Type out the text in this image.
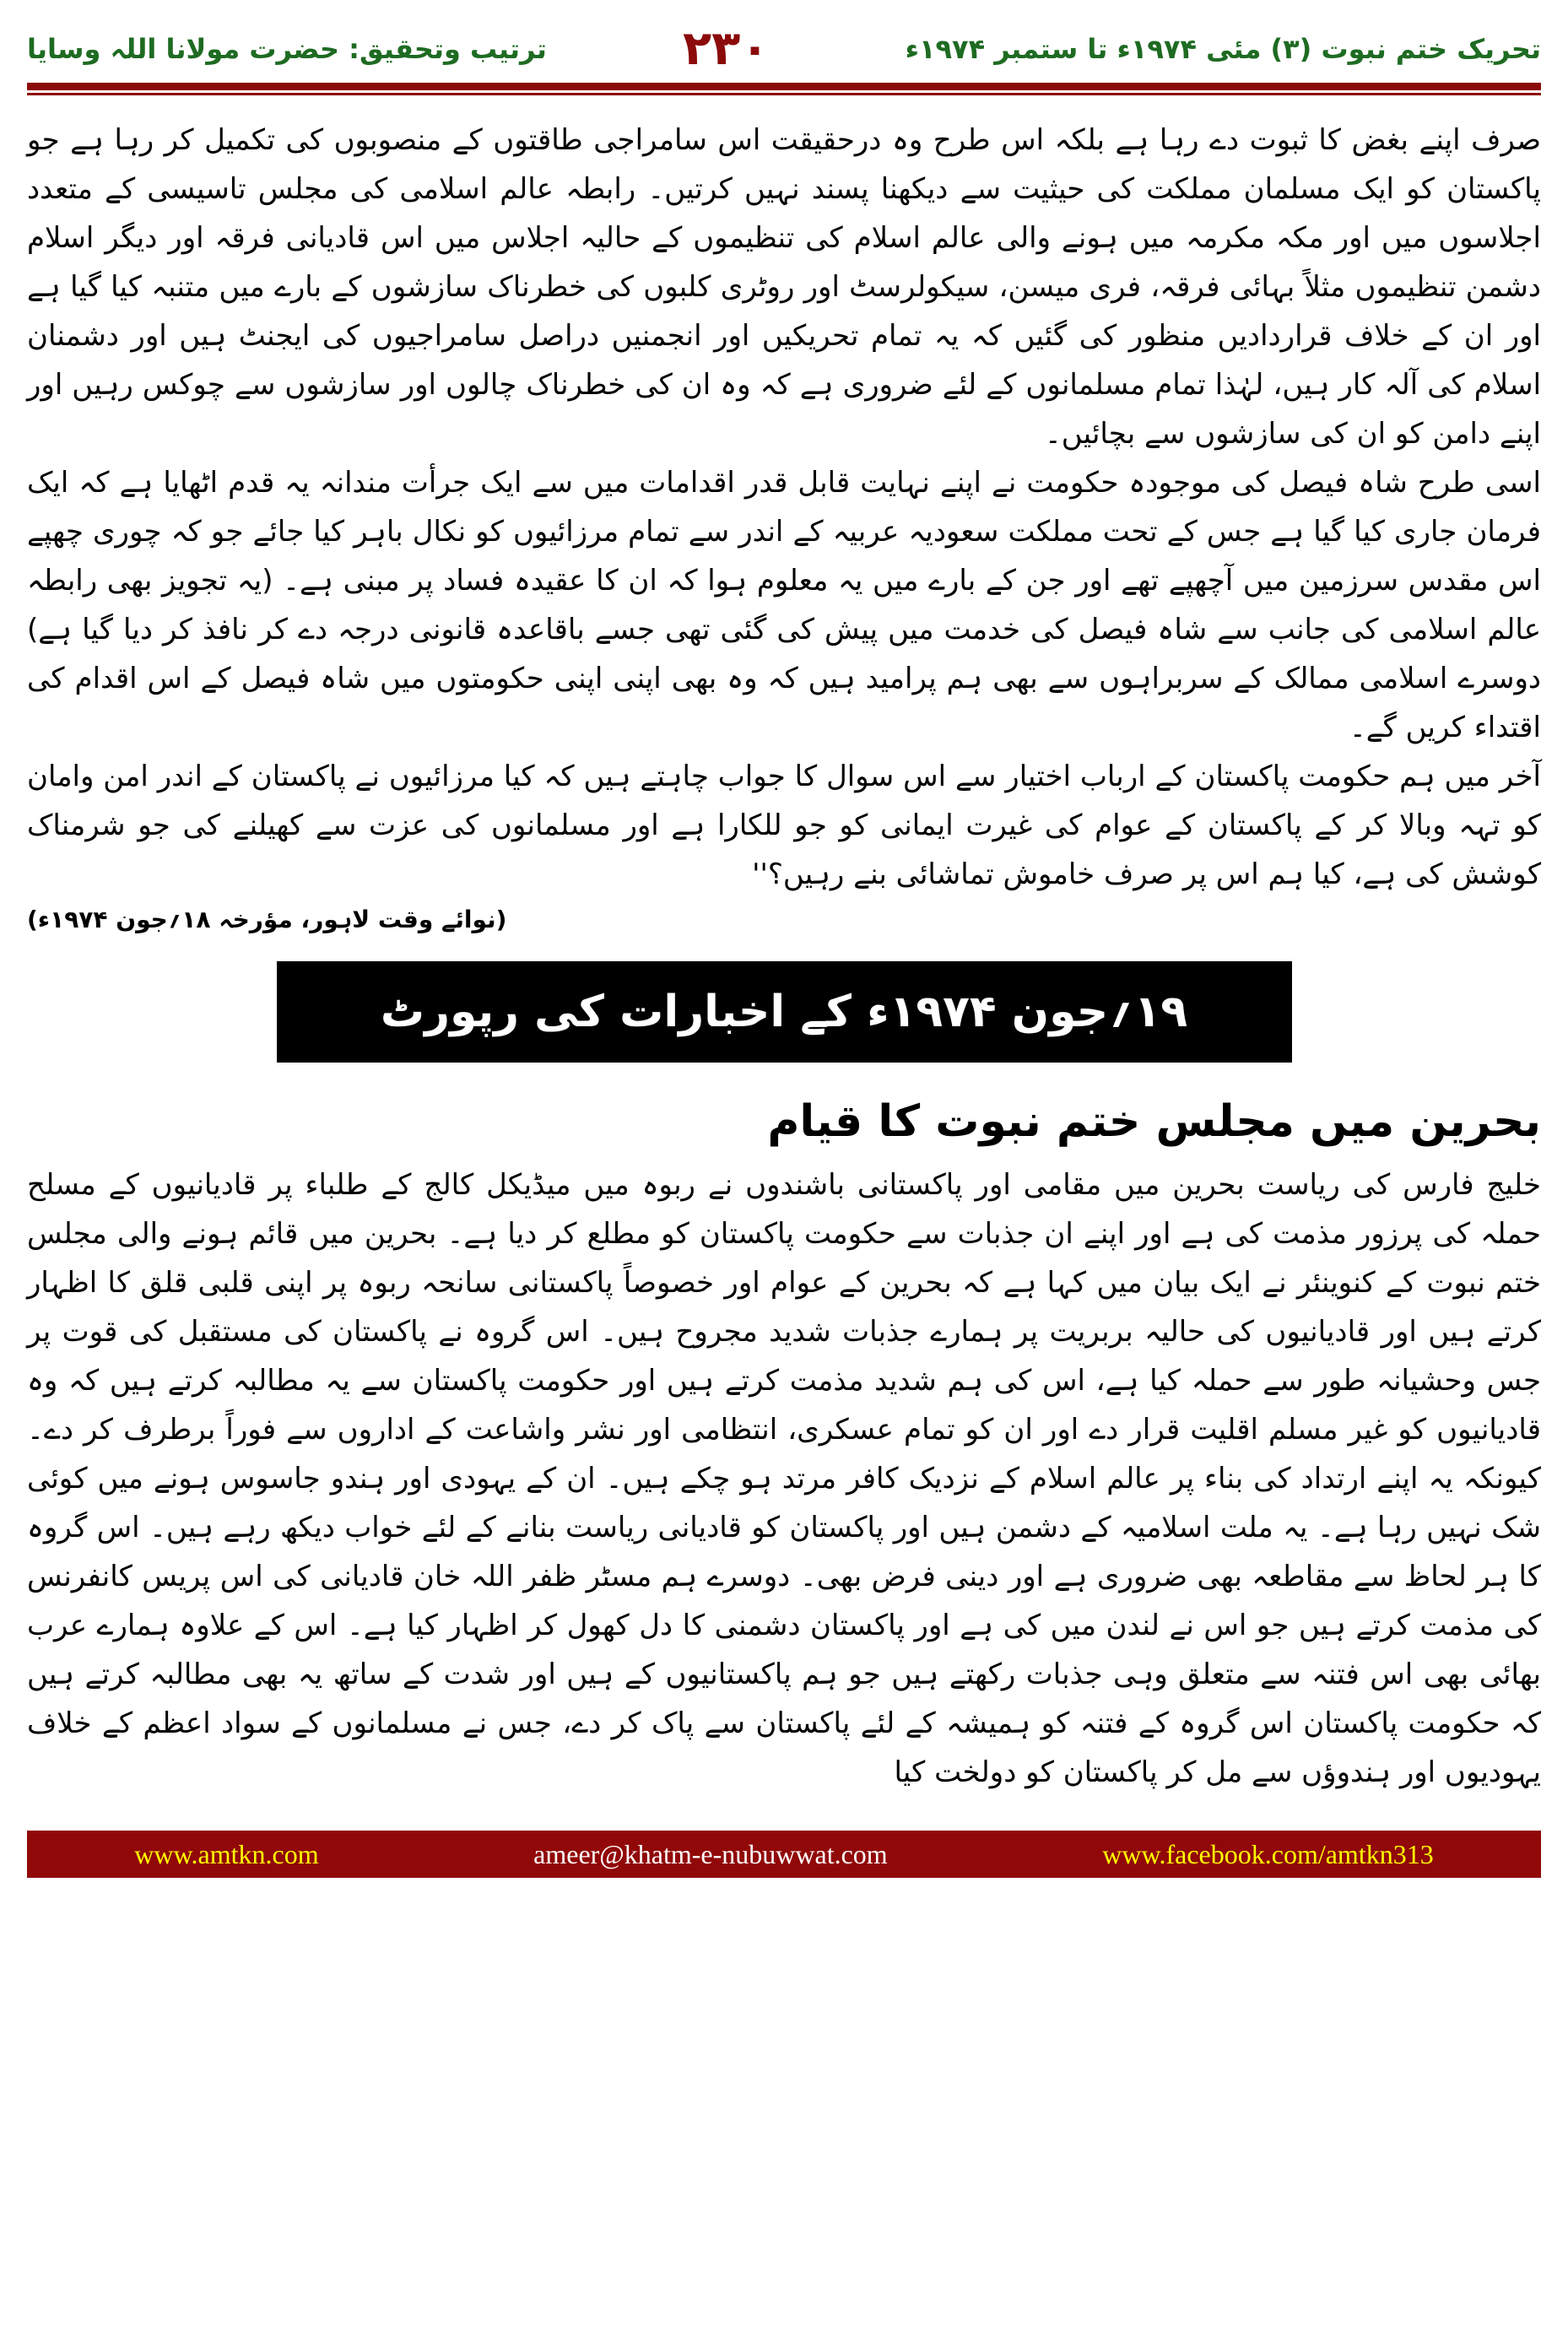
ترتیب وتحقیق: حضرت مولانا اللہ وسایا	۲۳۰	تحریک ختم نبوت (۳) مئی ۱۹۷۴ء تا ستمبر ۱۹۷۴ء

صرف اپنے بغض کا ثبوت دے رہا ہے بلکہ اس طرح وہ درحقیقت اس سامراجی طاقتوں کے منصوبوں کی تکمیل کر رہا ہے جو پاکستان کو ایک مسلمان مملکت کی حیثیت سے دیکھنا پسند نہیں کرتیں۔ رابطہ عالم اسلامی کی مجلس تاسیسی کے متعدد اجلاسوں میں اور مکہ مکرمہ میں ہونے والی عالم اسلام کی تنظیموں کے حالیہ اجلاس میں اس قادیانی فرقہ اور دیگر اسلام دشمن تنظیموں مثلاً بہائی فرقہ، فری میسن، سیکولرسٹ اور روٹری کلبوں کی خطرناک سازشوں کے بارے میں متنبہ کیا گیا ہے اور ان کے خلاف قراردادیں منظور کی گئیں کہ یہ تمام تحریکیں اور انجمنیں دراصل سامراجیوں کی ایجنٹ ہیں اور دشمنان اسلام کی آلہ کار ہیں، لہٰذا تمام مسلمانوں کے لئے ضروری ہے کہ وہ ان کی خطرناک چالوں اور سازشوں سے چوکس رہیں اور اپنے دامن کو ان کی سازشوں سے بچائیں۔

اسی طرح شاہ فیصل کی موجودہ حکومت نے اپنے نہایت قابل قدر اقدامات میں سے ایک جرأت مندانہ یہ قدم اٹھایا ہے کہ ایک فرمان جاری کیا گیا ہے جس کے تحت مملکت سعودیہ عربیہ کے اندر سے تمام مرزائیوں کو نکال باہر کیا جائے جو کہ چوری چھپے اس مقدس سرزمین میں آچھپے تھے اور جن کے بارے میں یہ معلوم ہوا کہ ان کا عقیدہ فساد پر مبنی ہے۔ (یہ تجویز بھی رابطہ عالم اسلامی کی جانب سے شاہ فیصل کی خدمت میں پیش کی گئی تھی جسے باقاعدہ قانونی درجہ دے کر نافذ کر دیا گیا ہے) دوسرے اسلامی ممالک کے سربراہوں سے بھی ہم پرامید ہیں کہ وہ بھی اپنی اپنی حکومتوں میں شاہ فیصل کے اس اقدام کی اقتداء کریں گے۔

آخر میں ہم حکومت پاکستان کے ارباب اختیار سے اس سوال کا جواب چاہتے ہیں کہ کیا مرزائیوں نے پاکستان کے اندر امن وامان کو تہہ وبالا کر کے پاکستان کے عوام کی غیرت ایمانی کو جو للکارا ہے اور مسلمانوں کی عزت سے کھیلنے کی جو شرمناک کوشش کی ہے، کیا ہم اس پر صرف خاموش تماشائی بنے رہیں؟''

(نوائے وقت لاہور، مؤرخہ ۱۸؍جون ۱۹۷۴ء)
۱۹؍جون ۱۹۷۴ء کے اخبارات کی رپورٹ
بحرین میں مجلس ختم نبوت کا قیام

خلیج فارس کی ریاست بحرین میں مقامی اور پاکستانی باشندوں نے ربوہ میں میڈیکل کالج کے طلباء پر قادیانیوں کے مسلح حملہ کی پرزور مذمت کی ہے اور اپنے ان جذبات سے حکومت پاکستان کو مطلع کر دیا ہے۔ بحرین میں قائم ہونے والی مجلس ختم نبوت کے کنوینئر نے ایک بیان میں کہا ہے کہ بحرین کے عوام اور خصوصاً پاکستانی سانحہ ربوہ پر اپنی قلبی قلق کا اظہار کرتے ہیں اور قادیانیوں کی حالیہ بربریت پر ہمارے جذبات شدید مجروح ہیں۔ اس گروہ نے پاکستان کی مستقبل کی قوت پر جس وحشیانہ طور سے حملہ کیا ہے، اس کی ہم شدید مذمت کرتے ہیں اور حکومت پاکستان سے یہ مطالبہ کرتے ہیں کہ وہ قادیانیوں کو غیر مسلم اقلیت قرار دے اور ان کو تمام عسکری، انتظامی اور نشر واشاعت کے اداروں سے فوراً برطرف کر دے۔ کیونکہ یہ اپنے ارتداد کی بناء پر عالم اسلام کے نزدیک کافر مرتد ہو چکے ہیں۔ ان کے یہودی اور ہندو جاسوس ہونے میں کوئی شک نہیں رہا ہے۔ یہ ملت اسلامیہ کے دشمن ہیں اور پاکستان کو قادیانی ریاست بنانے کے لئے خواب دیکھ رہے ہیں۔ اس گروہ کا ہر لحاظ سے مقاطعہ بھی ضروری ہے اور دینی فرض بھی۔ دوسرے ہم مسٹر ظفر اللہ خان قادیانی کی اس پریس کانفرنس کی مذمت کرتے ہیں جو اس نے لندن میں کی ہے اور پاکستان دشمنی کا دل کھول کر اظہار کیا ہے۔ اس کے علاوہ ہمارے عرب بھائی بھی اس فتنہ سے متعلق وہی جذبات رکھتے ہیں جو ہم پاکستانیوں کے ہیں اور شدت کے ساتھ یہ بھی مطالبہ کرتے ہیں کہ حکومت پاکستان اس گروہ کے فتنہ کو ہمیشہ کے لئے پاکستان سے پاک کر دے، جس نے مسلمانوں کے سواد اعظم کے خلاف یہودیوں اور ہندوؤں سے مل کر پاکستان کو دولخت کیا

www.amtkn.com	ameer@khatm-e-nubuwwat.com	www.facebook.com/amtkn313
